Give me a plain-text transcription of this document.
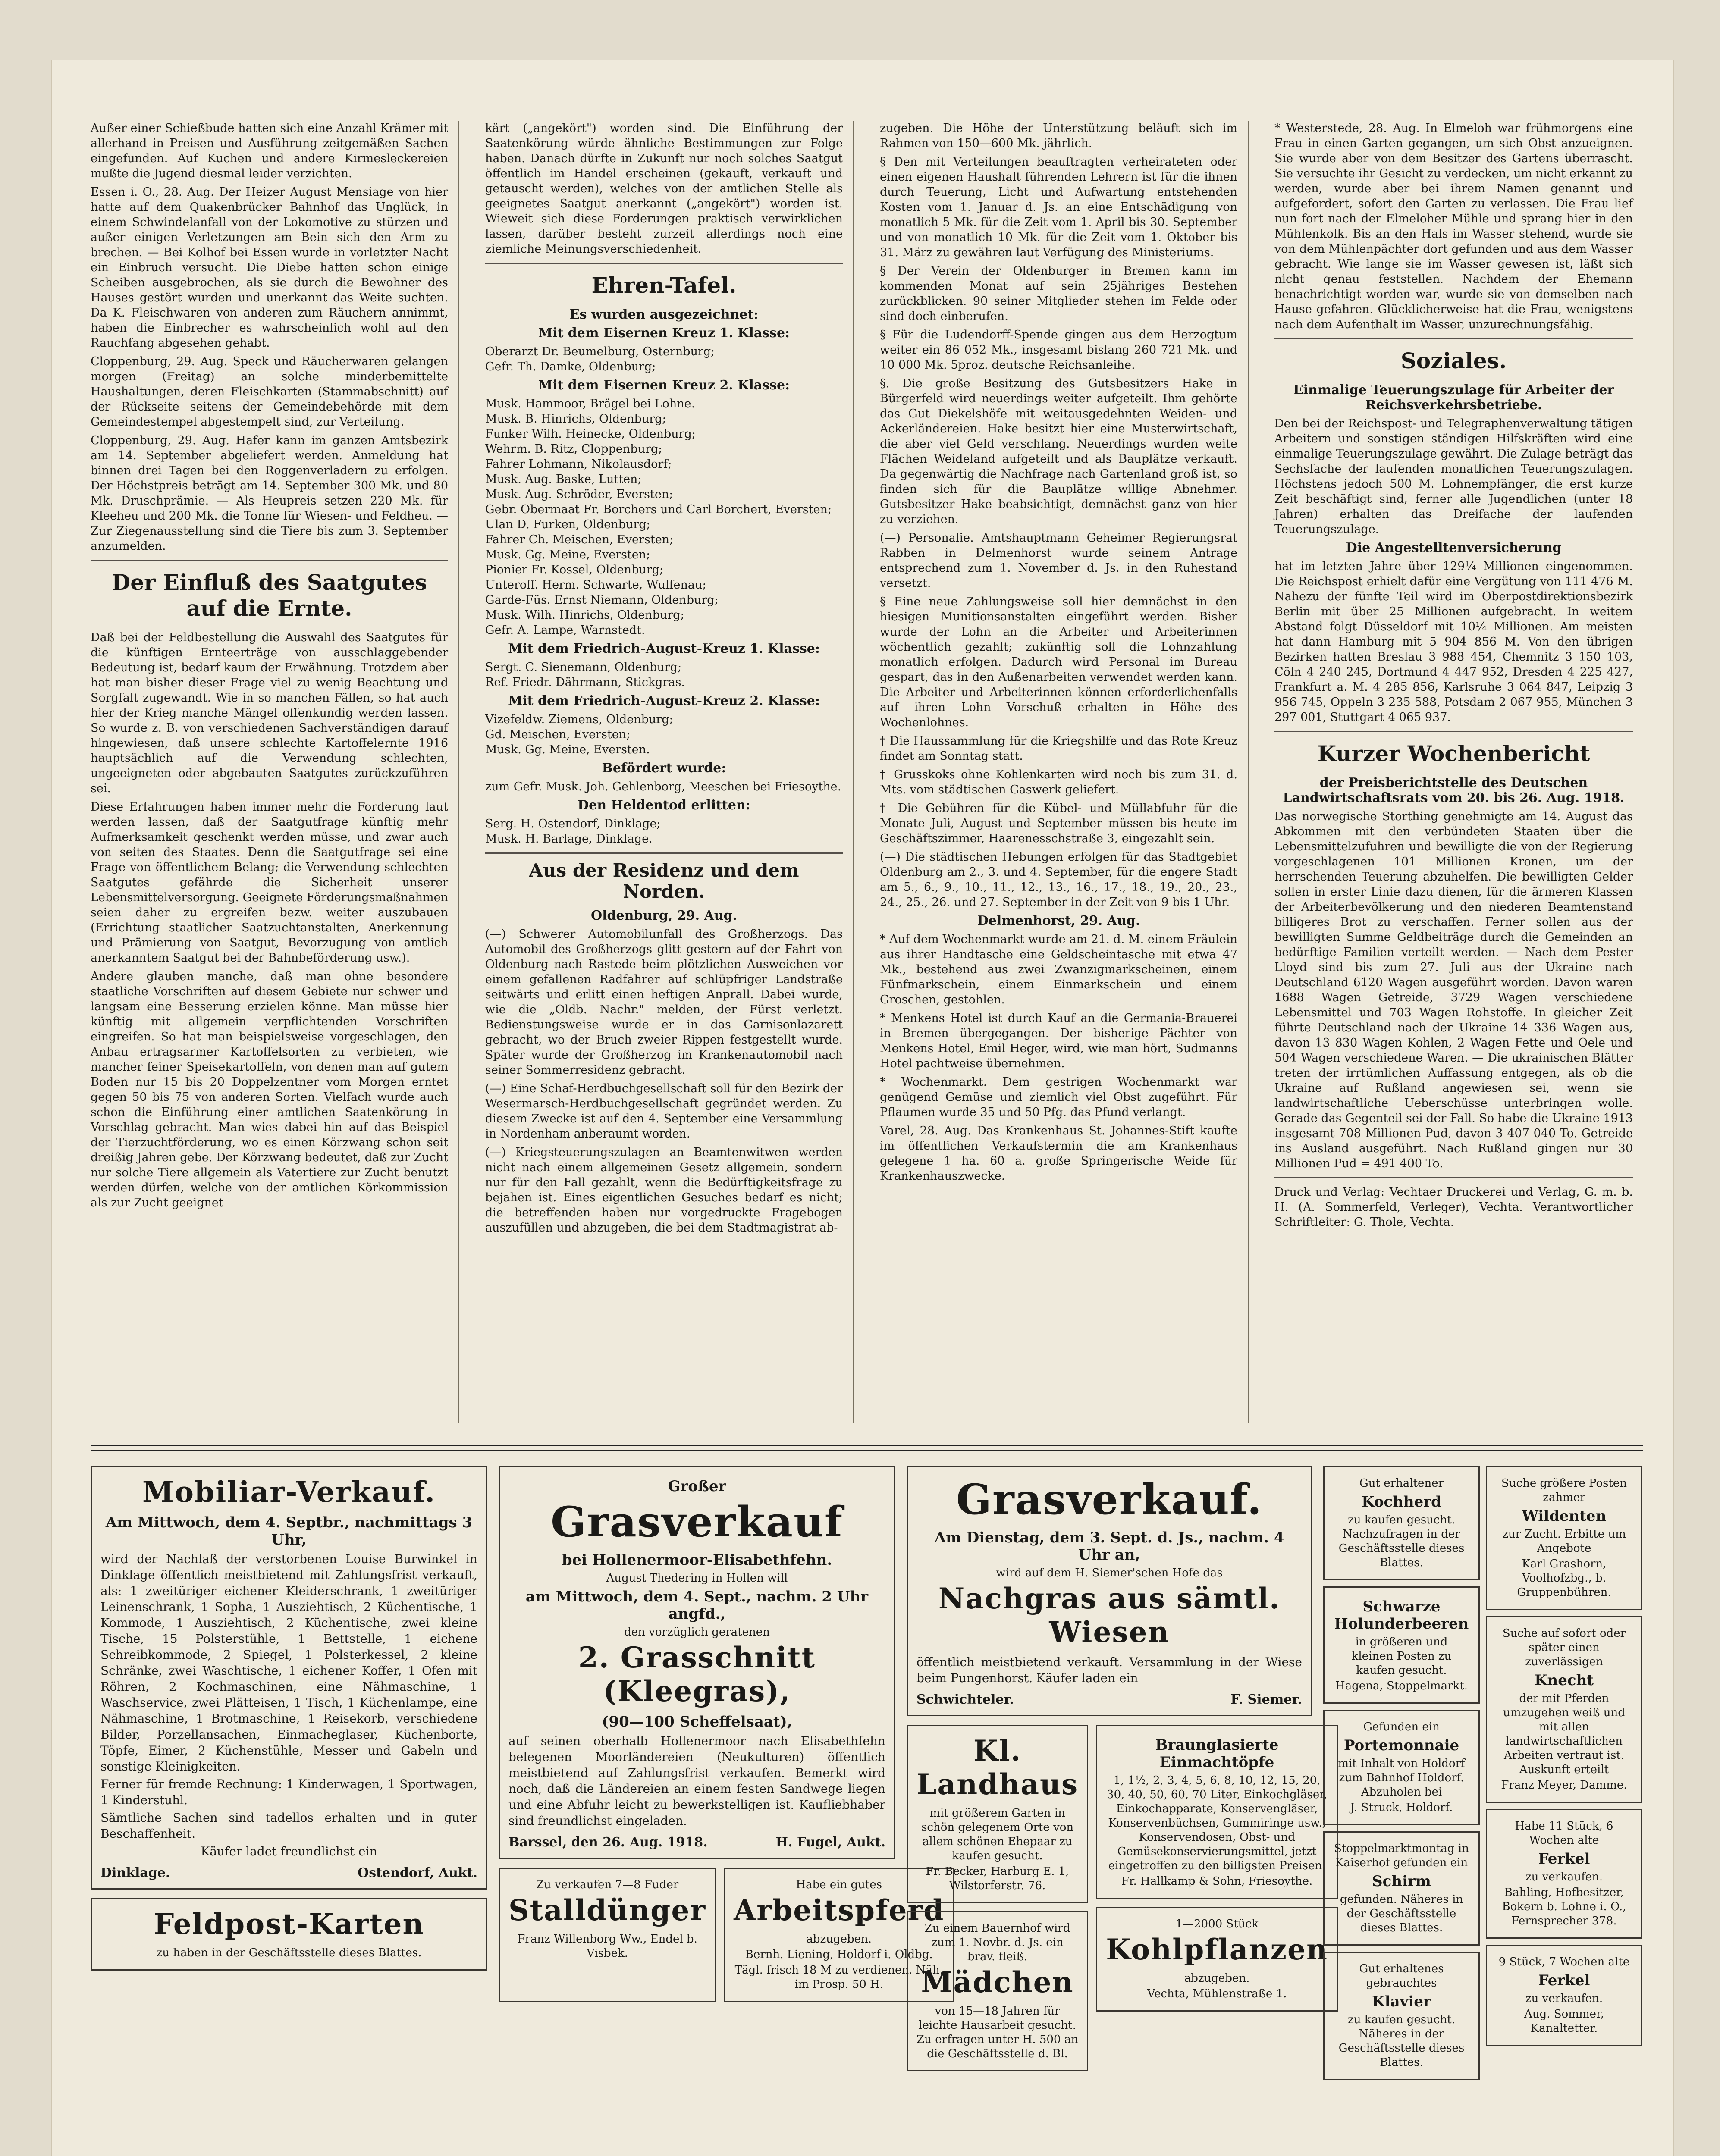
Außer einer Schießbude hatten sich eine Anzahl Krämer mit allerhand in Preisen und Ausführung zeitgemäßen Sachen eingefunden. Auf Kuchen und andere Kirmesleckereien mußte die Jugend diesmal leider verzichten.

Essen i. O., 28. Aug. Der Heizer August Mensiage von hier hatte auf dem Quakenbrücker Bahnhof das Unglück, in einem Schwindelanfall von der Lokomotive zu stürzen und außer einigen Verletzungen am Bein sich den Arm zu brechen. — Bei Kolhof bei Essen wurde in vorletzter Nacht ein Einbruch versucht. Die Diebe hatten schon einige Scheiben ausgebrochen, als sie durch die Bewohner des Hauses gestört wurden und unerkannt das Weite suchten. Da K. Fleischwaren von anderen zum Räuchern annimmt, haben die Einbrecher es wahrscheinlich wohl auf den Rauchfang abgesehen gehabt.

Cloppenburg, 29. Aug. Speck und Räucherwaren gelangen morgen (Freitag) an solche minderbemittelte Haushaltungen, deren Fleischkarten (Stammabschnitt) auf der Rückseite seitens der Gemeindebehörde mit dem Gemeindestempel abgestempelt sind, zur Verteilung.

Cloppenburg, 29. Aug. Hafer kann im ganzen Amtsbezirk am 14. September abgeliefert werden. Anmeldung hat binnen drei Tagen bei den Roggenverladern zu erfolgen. Der Höchstpreis beträgt am 14. September 300 Mk. und 80 Mk. Druschprämie. — Als Heupreis setzen 220 Mk. für Kleeheu und 200 Mk. die Tonne für Wiesen- und Feldheu. — Zur Ziegenausstellung sind die Tiere bis zum 3. September anzumelden.

Der Einfluß des Saatgutes auf die Ernte.

Daß bei der Feldbestellung die Auswahl des Saatgutes für die künftigen Ernteerträge von ausschlaggebender Bedeutung ist, bedarf kaum der Erwähnung. Trotzdem aber hat man bisher dieser Frage viel zu wenig Beachtung und Sorgfalt zugewandt. Wie in so manchen Fällen, so hat auch hier der Krieg manche Mängel offenkundig werden lassen. So wurde z. B. von verschiedenen Sachverständigen darauf hingewiesen, daß unsere schlechte Kartoffelernte 1916 hauptsächlich auf die Verwendung schlechten, ungeeigneten oder abgebauten Saatgutes zurückzuführen sei.

Diese Erfahrungen haben immer mehr die Forderung laut werden lassen, daß der Saatgutfrage künftig mehr Aufmerksamkeit geschenkt werden müsse, und zwar auch von seiten des Staates. Denn die Saatgutfrage sei eine Frage von öffentlichem Belang; die Verwendung schlechten Saatgutes gefährde die Sicherheit unserer Lebensmittelversorgung. Geeignete Förderungsmaßnahmen seien daher zu ergreifen bezw. weiter auszubauen (Errichtung staatlicher Saatzuchtanstalten, Anerkennung und Prämierung von Saatgut, Bevorzugung von amtlich anerkanntem Saatgut bei der Bahnbeförderung usw.).

Andere glauben manche, daß man ohne besondere staatliche Vorschriften auf diesem Gebiete nur schwer und langsam eine Besserung erzielen könne. Man müsse hier künftig mit allgemein verpflichtenden Vorschriften eingreifen. So hat man beispielsweise vorgeschlagen, den Anbau ertragsarmer Kartoffelsorten zu verbieten, wie mancher feiner Speisekartoffeln, von denen man auf gutem Boden nur 15 bis 20 Doppelzentner vom Morgen erntet gegen 50 bis 75 von anderen Sorten. Vielfach wurde auch schon die Einführung einer amtlichen Saatenkörung in Vorschlag gebracht. Man wies dabei hin auf das Beispiel der Tierzuchtförderung, wo es einen Körzwang schon seit dreißig Jahren gebe. Der Körzwang bedeutet, daß zur Zucht nur solche Tiere allgemein als Vatertiere zur Zucht benutzt werden dürfen, welche von der amtlichen Körkommission als zur Zucht geeignet

kärt („angekört") worden sind. Die Einführung der Saatenkörung würde ähnliche Bestimmungen zur Folge haben. Danach dürfte in Zukunft nur noch solches Saatgut öffentlich im Handel erscheinen (gekauft, verkauft und getauscht werden), welches von der amtlichen Stelle als geeignetes Saatgut anerkannt („angekört") worden ist. Wieweit sich diese Forderungen praktisch verwirklichen lassen, darüber besteht zurzeit allerdings noch eine ziemliche Meinungsverschiedenheit.

Ehren-Tafel.
Es wurden ausgezeichnet:
Mit dem Eisernen Kreuz 1. Klasse:

Oberarzt Dr. Beumelburg, Osternburg;

Gefr. Th. Damke, Oldenburg;

Mit dem Eisernen Kreuz 2. Klasse:

Musk. Hammoor, Brägel bei Lohne.

Musk. B. Hinrichs, Oldenburg;

Funker Wilh. Heinecke, Oldenburg;

Wehrm. B. Ritz, Cloppenburg;

Fahrer Lohmann, Nikolausdorf;

Musk. Aug. Baske, Lutten;

Musk. Aug. Schröder, Eversten;

Gebr. Obermaat Fr. Borchers und Carl Borchert, Eversten;

Ulan D. Furken, Oldenburg;

Fahrer Ch. Meischen, Eversten;

Musk. Gg. Meine, Eversten;

Pionier Fr. Kossel, Oldenburg;

Unteroff. Herm. Schwarte, Wulfenau;

Garde-Füs. Ernst Niemann, Oldenburg;

Musk. Wilh. Hinrichs, Oldenburg;

Gefr. A. Lampe, Warnstedt.

Mit dem Friedrich-August-Kreuz 1. Klasse:

Sergt. C. Sienemann, Oldenburg;

Ref. Friedr. Dährmann, Stickgras.

Mit dem Friedrich-August-Kreuz 2. Klasse:

Vizefeldw. Ziemens, Oldenburg;

Gd. Meischen, Eversten;

Musk. Gg. Meine, Eversten.

Befördert wurde:

zum Gefr. Musk. Joh. Gehlenborg, Meeschen bei Friesoythe.

Den Heldentod erlitten:

Serg. H. Ostendorf, Dinklage;

Musk. H. Barlage, Dinklage.

Aus der Residenz und dem Norden.
Oldenburg, 29. Aug.

(—) Schwerer Automobilunfall des Großherzogs. Das Automobil des Großherzogs glitt gestern auf der Fahrt von Oldenburg nach Rastede beim plötzlichen Ausweichen vor einem gefallenen Radfahrer auf schlüpfriger Landstraße seitwärts und erlitt einen heftigen Anprall. Dabei wurde, wie die „Oldb. Nachr." melden, der Fürst verletzt. Bedienstungsweise wurde er in das Garnisonlazarett gebracht, wo der Bruch zweier Rippen festgestellt wurde. Später wurde der Großherzog im Krankenautomobil nach seiner Sommerresidenz gebracht.

(—) Eine Schaf-Herdbuchgesellschaft soll für den Bezirk der Wesermarsch-Herdbuchgesellschaft gegründet werden. Zu diesem Zwecke ist auf den 4. September eine Versammlung in Nordenham anberaumt worden.

(—) Kriegsteuerungszulagen an Beamtenwitwen werden nicht nach einem allgemeinen Gesetz allgemein, sondern nur für den Fall gezahlt, wenn die Bedürftigkeitsfrage zu bejahen ist. Eines eigentlichen Gesuches bedarf es nicht; die betreffenden haben nur vorgedruckte Fragebogen auszufüllen und abzugeben, die bei dem Stadtmagistrat ab-

zugeben. Die Höhe der Unterstützung beläuft sich im Rahmen von 150—600 Mk. jährlich.

§ Den mit Verteilungen beauftragten verheirateten oder einen eigenen Haushalt führenden Lehrern ist für die ihnen durch Teuerung, Licht und Aufwartung entstehenden Kosten vom 1. Januar d. Js. an eine Entschädigung von monatlich 5 Mk. für die Zeit vom 1. April bis 30. September und von monatlich 10 Mk. für die Zeit vom 1. Oktober bis 31. März zu gewähren laut Verfügung des Ministeriums.

§ Der Verein der Oldenburger in Bremen kann im kommenden Monat auf sein 25jähriges Bestehen zurückblicken. 90 seiner Mitglieder stehen im Felde oder sind doch einberufen.

§ Für die Ludendorff-Spende gingen aus dem Herzogtum weiter ein 86 052 Mk., insgesamt bislang 260 721 Mk. und 10 000 Mk. 5proz. deutsche Reichsanleihe.

§. Die große Besitzung des Gutsbesitzers Hake in Bürgerfeld wird neuerdings weiter aufgeteilt. Ihm gehörte das Gut Diekelshöfe mit weitausgedehnten Weiden- und Ackerländereien. Hake besitzt hier eine Musterwirtschaft, die aber viel Geld verschlang. Neuerdings wurden weite Flächen Weideland aufgeteilt und als Bauplätze verkauft. Da gegenwärtig die Nachfrage nach Gartenland groß ist, so finden sich für die Bauplätze willige Abnehmer. Gutsbesitzer Hake beabsichtigt, demnächst ganz von hier zu verziehen.

(—) Personalie. Amtshauptmann Geheimer Regierungsrat Rabben in Delmenhorst wurde seinem Antrage entsprechend zum 1. November d. Js. in den Ruhestand versetzt.

§ Eine neue Zahlungsweise soll hier demnächst in den hiesigen Munitionsanstalten eingeführt werden. Bisher wurde der Lohn an die Arbeiter und Arbeiterinnen wöchentlich gezahlt; zukünftig soll die Lohnzahlung monatlich erfolgen. Dadurch wird Personal im Bureau gespart, das in den Außenarbeiten verwendet werden kann. Die Arbeiter und Arbeiterinnen können erforderlichenfalls auf ihren Lohn Vorschuß erhalten in Höhe des Wochenlohnes.

† Die Haussammlung für die Kriegshilfe und das Rote Kreuz findet am Sonntag statt.

† Grusskoks ohne Kohlenkarten wird noch bis zum 31. d. Mts. vom städtischen Gaswerk geliefert.

† Die Gebühren für die Kübel- und Müllabfuhr für die Monate Juli, August und September müssen bis heute im Geschäftszimmer, Haarenesschstraße 3, eingezahlt sein.

(—) Die städtischen Hebungen erfolgen für das Stadtgebiet Oldenburg am 2., 3. und 4. September, für die engere Stadt am 5., 6., 9., 10., 11., 12., 13., 16., 17., 18., 19., 20., 23., 24., 25., 26. und 27. September in der Zeit von 9 bis 1 Uhr.

Delmenhorst, 29. Aug.

* Auf dem Wochenmarkt wurde am 21. d. M. einem Fräulein aus ihrer Handtasche eine Geldscheintasche mit etwa 47 Mk., bestehend aus zwei Zwanzigmarkscheinen, einem Fünfmarkschein, einem Einmarkschein und einem Groschen, gestohlen.

* Menkens Hotel ist durch Kauf an die Germania-Brauerei in Bremen übergegangen. Der bisherige Pächter von Menkens Hotel, Emil Heger, wird, wie man hört, Sudmanns Hotel pachtweise übernehmen.

* Wochenmarkt. Dem gestrigen Wochenmarkt war genügend Gemüse und ziemlich viel Obst zugeführt. Für Pflaumen wurde 35 und 50 Pfg. das Pfund verlangt.

Varel, 28. Aug. Das Krankenhaus St. Johannes-Stift kaufte im öffentlichen Verkaufstermin die am Krankenhaus gelegene 1 ha. 60 a. große Springerische Weide für Krankenhauszwecke.

* Westerstede, 28. Aug. In Elmeloh war frühmorgens eine Frau in einen Garten gegangen, um sich Obst anzueignen. Sie wurde aber von dem Besitzer des Gartens überrascht. Sie versuchte ihr Gesicht zu verdecken, um nicht erkannt zu werden, wurde aber bei ihrem Namen genannt und aufgefordert, sofort den Garten zu verlassen. Die Frau lief nun fort nach der Elmeloher Mühle und sprang hier in den Mühlenkolk. Bis an den Hals im Wasser stehend, wurde sie von dem Mühlenpächter dort gefunden und aus dem Wasser gebracht. Wie lange sie im Wasser gewesen ist, läßt sich nicht genau feststellen. Nachdem der Ehemann benachrichtigt worden war, wurde sie von demselben nach Hause gefahren. Glücklicherweise hat die Frau, wenigstens nach dem Aufenthalt im Wasser, unzurechnungsfähig.

Soziales.
Einmalige Teuerungszulage für Arbeiter der Reichsverkehrsbetriebe.

Den bei der Reichspost- und Telegraphenverwaltung tätigen Arbeitern und sonstigen ständigen Hilfskräften wird eine einmalige Teuerungszulage gewährt. Die Zulage beträgt das Sechsfache der laufenden monatlichen Teuerungszulagen. Höchstens jedoch 500 M. Lohnempfänger, die erst kurze Zeit beschäftigt sind, ferner alle Jugendlichen (unter 18 Jahren) erhalten das Dreifache der laufenden Teuerungszulage.

Die Angestelltenversicherung

hat im letzten Jahre über 129¼ Millionen eingenommen. Die Reichspost erhielt dafür eine Vergütung von 111 476 M. Nahezu der fünfte Teil wird im Oberpostdirektionsbezirk Berlin mit über 25 Millionen aufgebracht. In weitem Abstand folgt Düsseldorf mit 10¼ Millionen. Am meisten hat dann Hamburg mit 5 904 856 M. Von den übrigen Bezirken hatten Breslau 3 988 454, Chemnitz 3 150 103, Cöln 4 240 245, Dortmund 4 447 952, Dresden 4 225 427, Frankfurt a. M. 4 285 856, Karlsruhe 3 064 847, Leipzig 3 956 745, Oppeln 3 235 588, Potsdam 2 067 955, München 3 297 001, Stuttgart 4 065 937.

Kurzer Wochenbericht
der Preisberichtstelle des Deutschen Landwirtschaftsrats vom 20. bis 26. Aug. 1918.

Das norwegische Storthing genehmigte am 14. August das Abkommen mit den verbündeten Staaten über die Lebensmittelzufuhren und bewilligte die von der Regierung vorgeschlagenen 101 Millionen Kronen, um der herrschenden Teuerung abzuhelfen. Die bewilligten Gelder sollen in erster Linie dazu dienen, für die ärmeren Klassen der Arbeiterbevölkerung und den niederen Beamtenstand billigeres Brot zu verschaffen. Ferner sollen aus der bewilligten Summe Geldbeiträge durch die Gemeinden an bedürftige Familien verteilt werden. — Nach dem Pester Lloyd sind bis zum 27. Juli aus der Ukraine nach Deutschland 6120 Wagen ausgeführt worden. Davon waren 1688 Wagen Getreide, 3729 Wagen verschiedene Lebensmittel und 703 Wagen Rohstoffe. In gleicher Zeit führte Deutschland nach der Ukraine 14 336 Wagen aus, davon 13 830 Wagen Kohlen, 2 Wagen Fette und Oele und 504 Wagen verschiedene Waren. — Die ukrainischen Blätter treten der irrtümlichen Auffassung entgegen, als ob die Ukraine auf Rußland angewiesen sei, wenn sie landwirtschaftliche Ueberschüsse unterbringen wolle. Gerade das Gegenteil sei der Fall. So habe die Ukraine 1913 insgesamt 708 Millionen Pud, davon 3 407 040 To. Getreide ins Ausland ausgeführt. Nach Rußland gingen nur 30 Millionen Pud = 491 400 To.

Druck und Verlag: Vechtaer Druckerei und Verlag, G. m. b. H. (A. Sommerfeld, Verleger), Vechta. Verantwortlicher Schriftleiter: G. Thole, Vechta.

Mobiliar-Verkauf.
Am Mittwoch, dem 4. Septbr., nachmittags 3 Uhr,

wird der Nachlaß der verstorbenen Louise Burwinkel in Dinklage öffentlich meistbietend mit Zahlungsfrist verkauft, als: 1 zweitüriger eichener Kleiderschrank, 1 zweitüriger Leinenschrank, 1 Sopha, 1 Ausziehtisch, 2 Küchentische, 1 Kommode, 1 Ausziehtisch, 2 Küchentische, zwei kleine Tische, 15 Polsterstühle, 1 Bettstelle, 1 eichene Schreibkommode, 2 Spiegel, 1 Polsterkessel, 2 kleine Schränke, zwei Waschtische, 1 eichener Koffer, 1 Ofen mit Röhren, 2 Kochmaschinen, eine Nähmaschine, 1 Waschservice, zwei Plätteisen, 1 Tisch, 1 Küchenlampe, eine Nähmaschine, 1 Brotmaschine, 1 Reisekorb, verschiedene Bilder, Porzellansachen, Einmacheglaser, Küchenborte, Töpfe, Eimer, 2 Küchenstühle, Messer und Gabeln und sonstige Kleinigkeiten.

Ferner für fremde Rechnung: 1 Kinderwagen, 1 Sportwagen, 1 Kinderstuhl.

Sämtliche Sachen sind tadellos erhalten und in guter Beschaffenheit.

Käufer ladet freundlichst ein

Dinklage.	Ostendorf, Aukt.
Feldpost-Karten

zu haben in der Geschäftsstelle dieses Blattes.

Großer
Grasverkauf
bei Hollenermoor-Elisabethfehn.

August Thedering in Hollen will

am Mittwoch, dem 4. Sept., nachm. 2 Uhr angfd.,

den vorzüglich geratenen

2. Grasschnitt (Kleegras),
(90—100 Scheffelsaat),

auf seinen oberhalb Hollenermoor nach Elisabethfehn belegenen Moorländereien (Neukulturen) öffentlich meistbietend auf Zahlungsfrist verkaufen. Bemerkt wird noch, daß die Ländereien an einem festen Sandwege liegen und eine Abfuhr leicht zu bewerkstelligen ist. Kaufliebhaber sind freundlichst eingeladen.

Barssel, den 26. Aug. 1918.	H. Fugel, Aukt.

Zu verkaufen 7—8 Fuder

Stalldünger

Franz Willenborg Ww., Endel b. Visbek.

Habe ein gutes

Arbeitspferd

abzugeben.

Bernh. Liening, Holdorf i. Oldbg.

Tägl. frisch 18 M zu verdienen. Näh. im Prosp. 50 H.

Grasverkauf.
Am Dienstag, dem 3. Sept. d. Js., nachm. 4 Uhr an,

wird auf dem H. Siemer'schen Hofe das

Nachgras aus sämtl. Wiesen

öffentlich meistbietend verkauft. Versammlung in der Wiese beim Pungenhorst. Käufer laden ein

Schwichteler.	F. Siemer.
Kl. Landhaus

mit größerem Garten in schön gelegenem Orte von allem schönen Ehepaar zu kaufen gesucht.

Fr. Becker, Harburg E. 1, Wilstorferstr. 76.

Zu einem Bauernhof wird zum 1. Novbr. d. Js. ein brav. fleiß.

Mädchen

von 15—18 Jahren für leichte Hausarbeit gesucht. Zu erfragen unter H. 500 an die Geschäftsstelle d. Bl.

Braunglasierte Einmachtöpfe

1, 1½, 2, 3, 4, 5, 6, 8, 10, 12, 15, 20, 30, 40, 50, 60, 70 Liter, Einkochgläser, Einkochapparate, Konservengläser, Konservenbüchsen, Gummiringe usw., Konservendosen, Obst- und Gemüsekonservierungsmittel, jetzt eingetroffen zu den billigsten Preisen.

Fr. Hallkamp & Sohn, Friesoythe.

1—2000 Stück

Kohlpflanzen

abzugeben.

Vechta, Mühlenstraße 1.

Gut erhaltener

Kochherd

zu kaufen gesucht. Nachzufragen in der Geschäftsstelle dieses Blattes.

Schwarze Holunderbeeren

in größeren und kleinen Posten zu kaufen gesucht.

Hagena, Stoppelmarkt.

Gefunden ein

Portemonnaie

mit Inhalt von Holdorf zum Bahnhof Holdorf. Abzuholen bei

J. Struck, Holdorf.

Stoppelmarktmontag in Kaiserhof gefunden ein

Schirm

gefunden. Näheres in der Geschäftsstelle dieses Blattes.

Gut erhaltenes gebrauchtes

Klavier

zu kaufen gesucht. Näheres in der Geschäftsstelle dieses Blattes.

Suche größere Posten zahmer

Wildenten

zur Zucht. Erbitte um Angebote

Karl Grashorn, Voolhofzbg., b. Gruppenbühren.

Suche auf sofort oder später einen zuverlässigen

Knecht

der mit Pferden umzugehen weiß und mit allen landwirtschaftlichen Arbeiten vertraut ist. Auskunft erteilt

Franz Meyer, Damme.

Habe 11 Stück, 6 Wochen alte

Ferkel

zu verkaufen.

Bahling, Hofbesitzer, Bokern b. Lohne i. O., Fernsprecher 378.

9 Stück, 7 Wochen alte

Ferkel

zu verkaufen.

Aug. Sommer, Kanaltetter.
